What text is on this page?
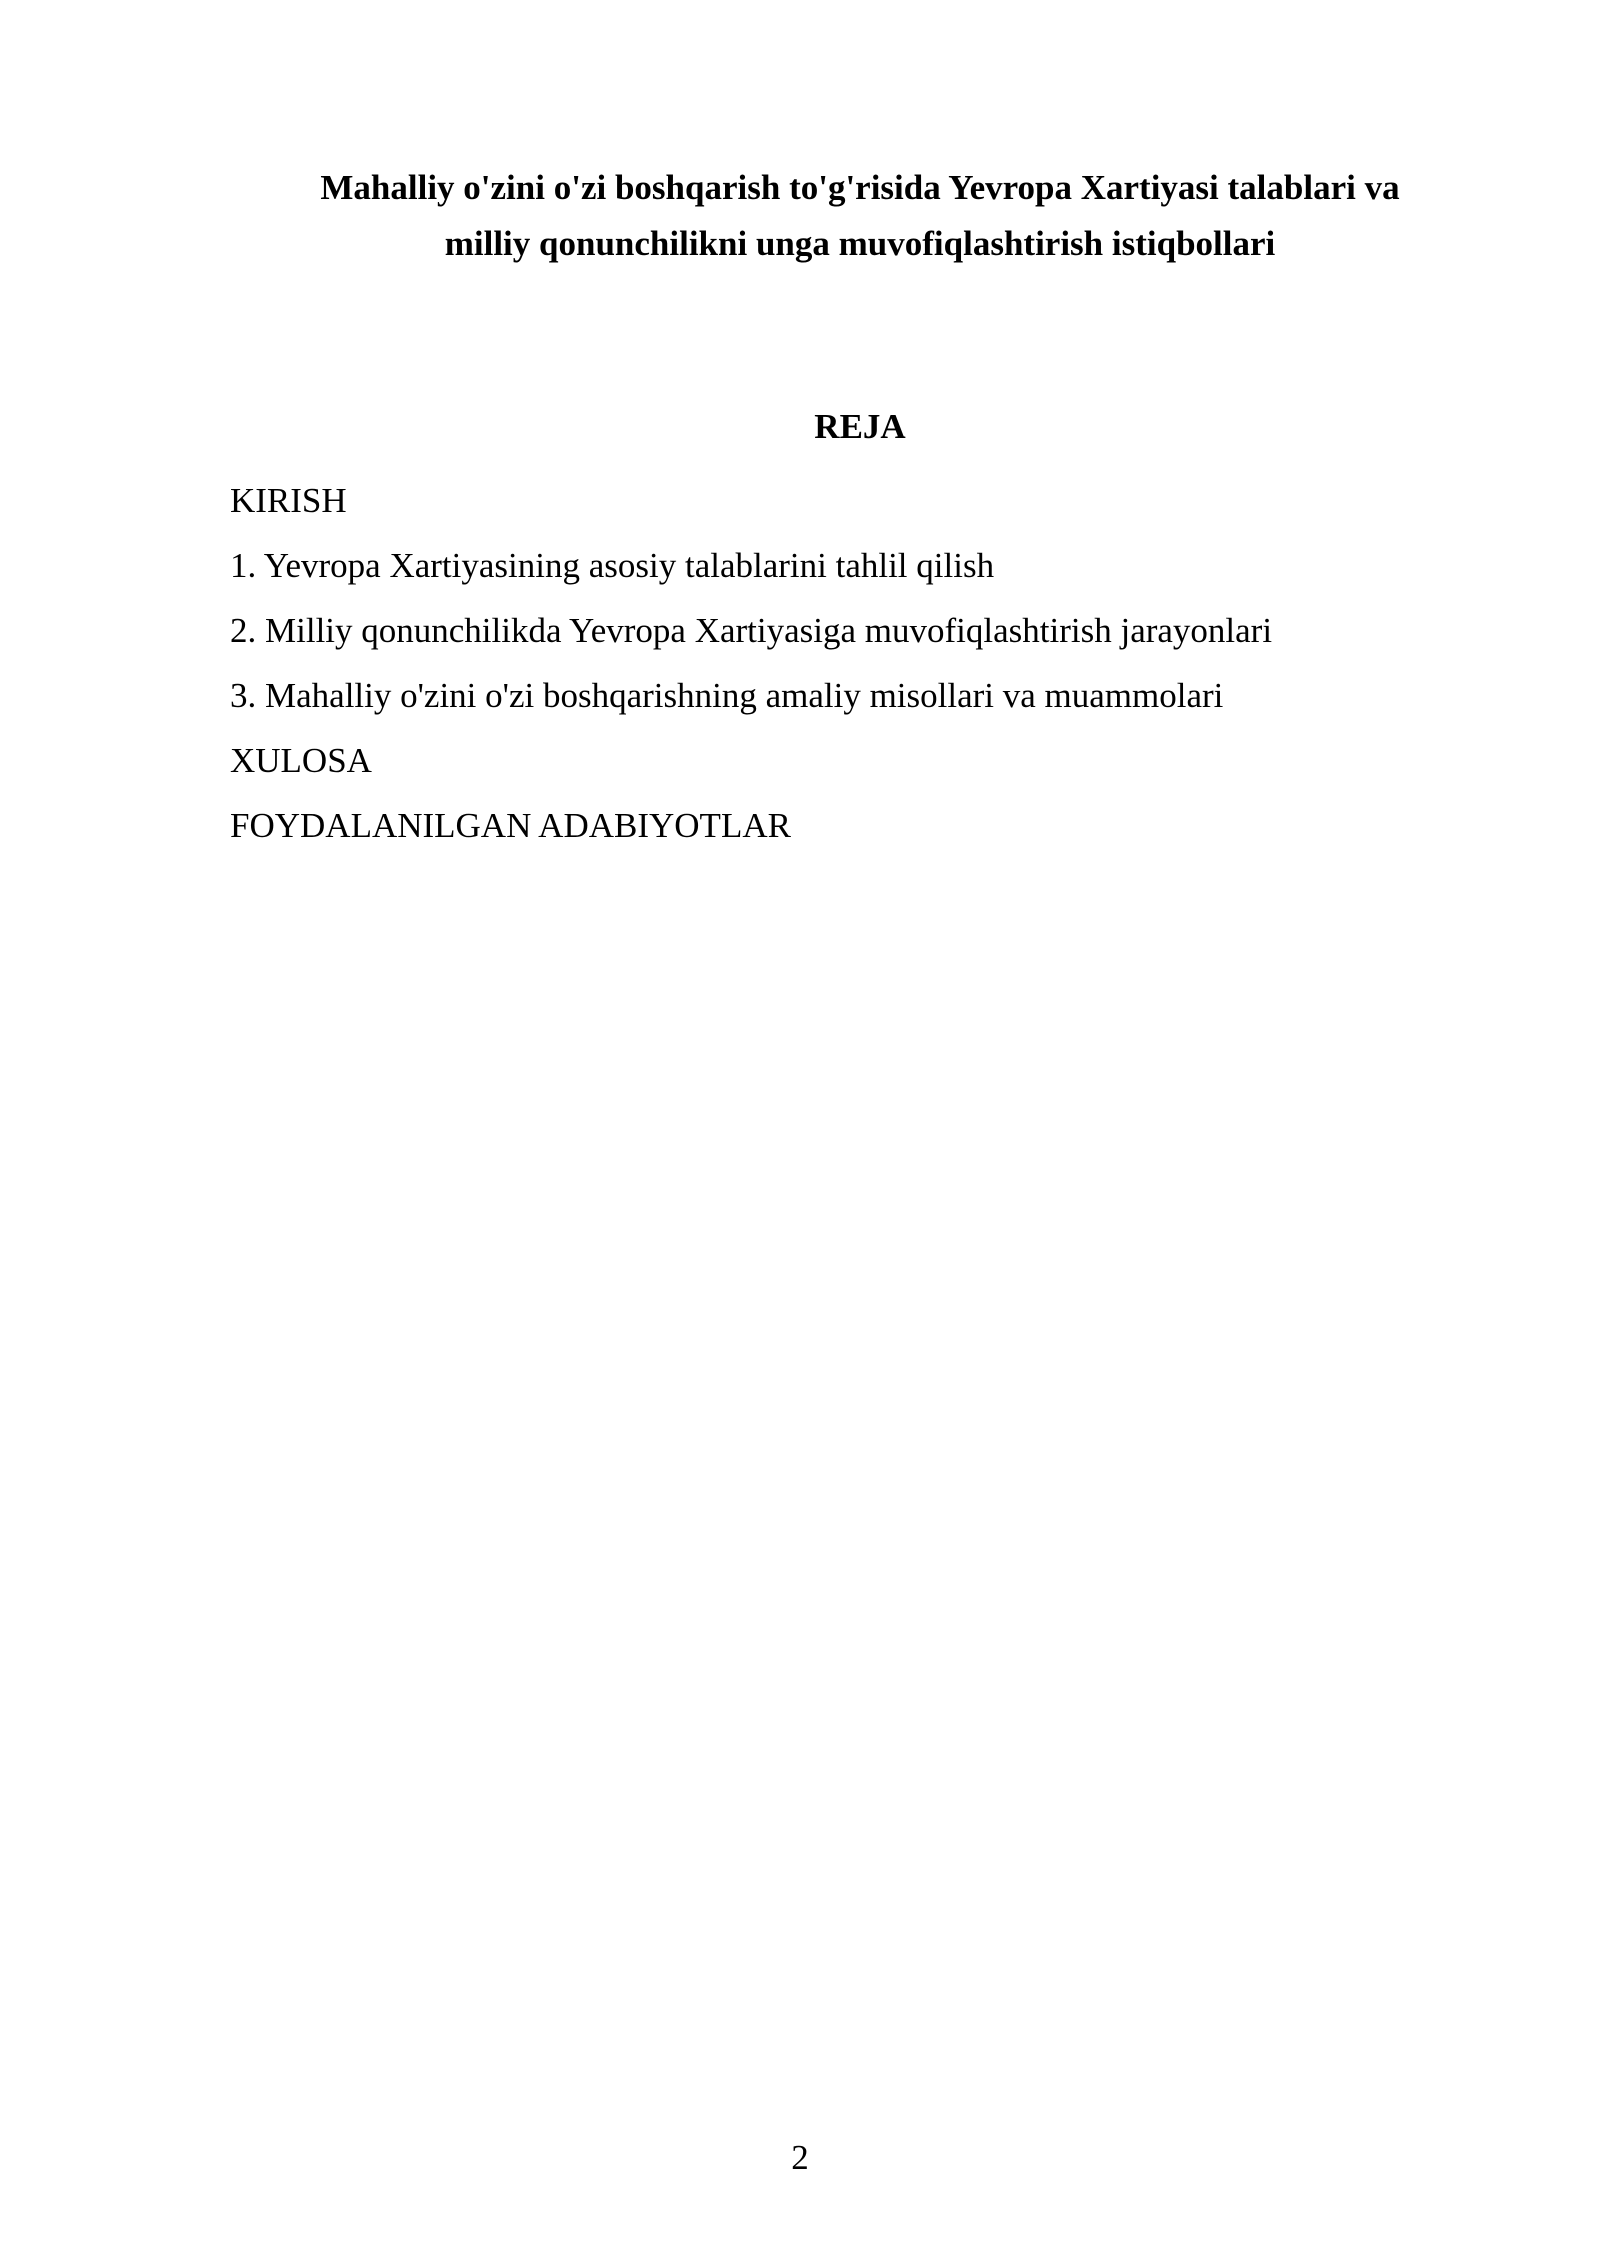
Mahalliy o'zini o'zi boshqarish to'g'risida Yevropa Xartiyasi talablari va
milliy qonunchilikni unga muvofiqlashtirish istiqbollari
REJA
KIRISH
1. Yevropa Xartiyasining asosiy talablarini tahlil qilish
2. Milliy qonunchilikda Yevropa Xartiyasiga muvofiqlashtirish jarayonlari
3. Mahalliy o'zini o'zi boshqarishning amaliy misollari va muammolari
XULOSA
FOYDALANILGAN ADABIYOTLAR
2
